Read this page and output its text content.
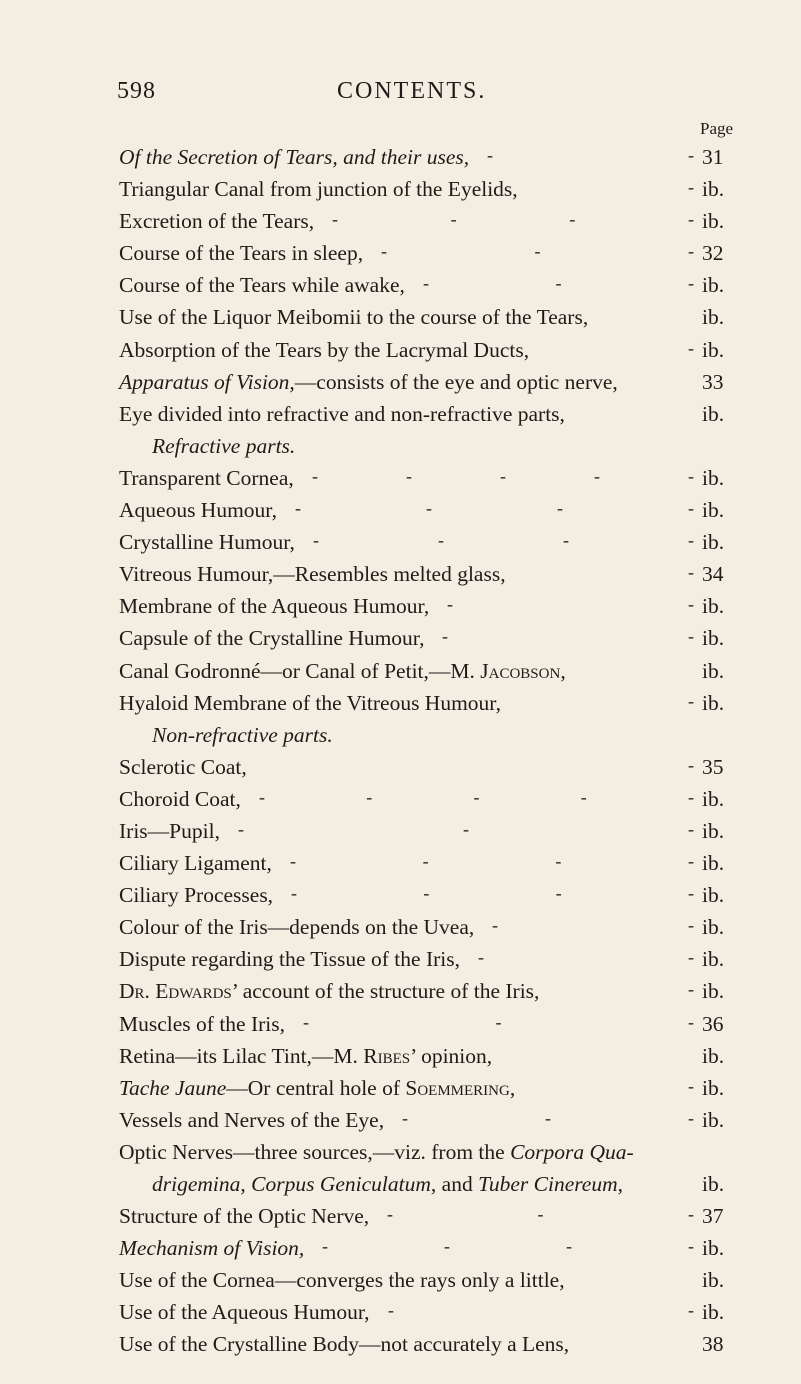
598	CONTENTS.
Page
Of the Secretion of Tears, and their uses,	31
-	-
Triangular Canal from junction of the Eyelids,	ib.
-
Excretion of the Tears,	ib.
-	-	-	-
Course of the Tears in sleep,	32
-	-	-
Course of the Tears while awake,	ib.
-	-	-
Use of the Liquor Meibomii to the course of the Tears,	ib.
Absorption of the Tears by the Lacrymal Ducts,	ib.
-
Apparatus of Vision,—consists of the eye and optic nerve,	33
Eye divided into refractive and non-refractive parts,	ib.
Refractive parts.
Transparent Cornea,	ib.
-	-	-	-	-
Aqueous Humour,	ib.
-	-	-	-
Crystalline Humour,	ib.
-	-	-	-
Vitreous Humour,—Resembles melted glass,	34
-
Membrane of the Aqueous Humour,	ib.
-	-
Capsule of the Crystalline Humour,	ib.
-	-
Canal Godronné—or Canal of Petit,—M. Jacobson,	ib.
Hyaloid Membrane of the Vitreous Humour,	ib.
-
Non-refractive parts.
Sclerotic Coat,	35
-
Choroid Coat,	ib.
-	-	-	-	-
Iris—Pupil,	ib.
-	-	-
Ciliary Ligament,	ib.
-	-	-	-
Ciliary Processes,	ib.
-	-	-	-
Colour of the Iris—depends on the Uvea,	ib.
-	-
Dispute regarding the Tissue of the Iris,	ib.
-	-
Dr. Edwards’ account of the structure of the Iris,	ib.
-
Muscles of the Iris,	36
-	-	-
Retina—its Lilac Tint,—M. Ribes’ opinion,	ib.
Tache Jaune—Or central hole of Soemmering,	ib.
-
Vessels and Nerves of the Eye,	ib.
-	-	-
Optic Nerves—three sources,—viz. from the Corpora Qua-
drigemina, Corpus Geniculatum, and Tuber Cinereum,	ib.
Structure of the Optic Nerve,	37
-	-	-
Mechanism of Vision,	ib.
-	-	-	-
Use of the Cornea—converges the rays only a little,	ib.
Use of the Aqueous Humour,	ib.
-	-
Use of the Crystalline Body—not accurately a Lens,	38
